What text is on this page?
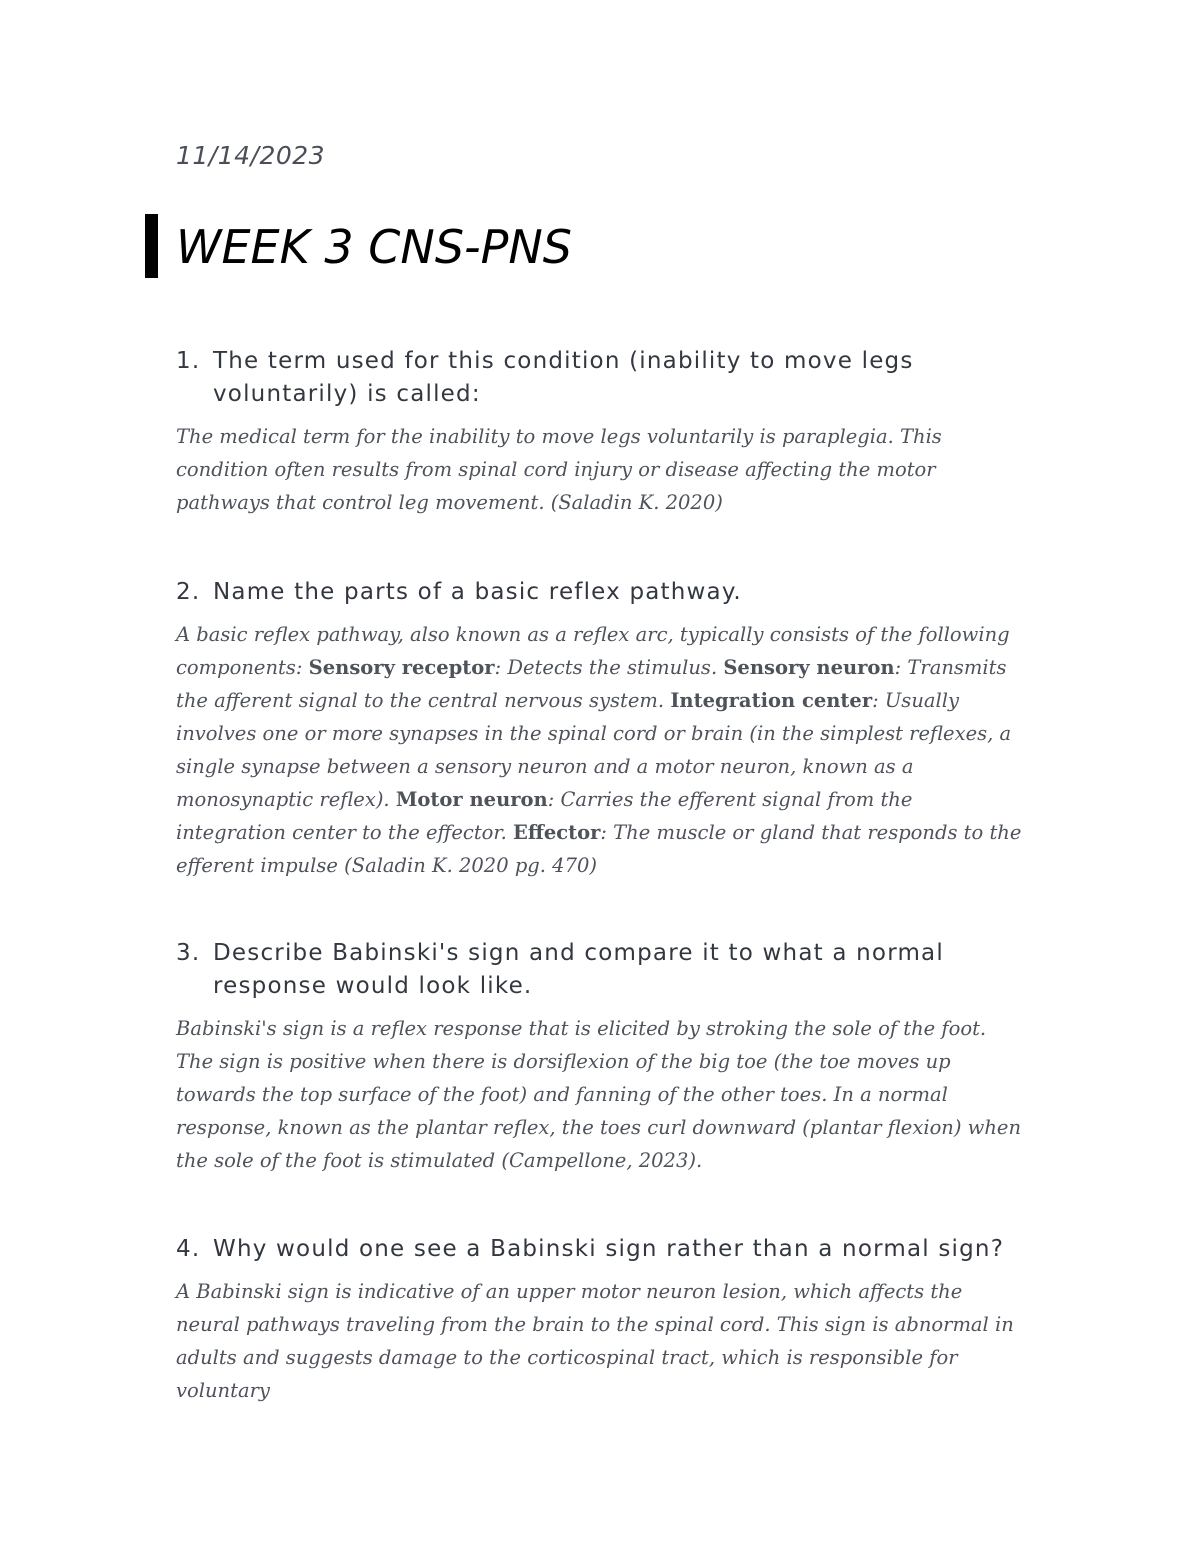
11/14/2023
WEEK 3 CNS-PNS
1. The term used for this condition (inability to move legs voluntarily) is called:
The medical term for the inability to move legs voluntarily is paraplegia. This condition often results from spinal cord injury or disease affecting the motor pathways that control leg movement. (Saladin K. 2020)
2. Name the parts of a basic reflex pathway.
A basic reflex pathway, also known as a reflex arc, typically consists of the following components: Sensory receptor: Detects the stimulus. Sensory neuron: Transmits the afferent signal to the central nervous system. Integration center: Usually involves one or more synapses in the spinal cord or brain (in the simplest reflexes, a single synapse between a sensory neuron and a motor neuron, known as a monosynaptic reflex). Motor neuron: Carries the efferent signal from the integration center to the effector. Effector: The muscle or gland that responds to the efferent impulse (Saladin K. 2020 pg. 470)
3. Describe Babinski's sign and compare it to what a normal response would look like.
Babinski's sign is a reflex response that is elicited by stroking the sole of the foot. The sign is positive when there is dorsiflexion of the big toe (the toe moves up towards the top surface of the foot) and fanning of the other toes. In a normal response, known as the plantar reflex, the toes curl downward (plantar flexion) when the sole of the foot is stimulated (Campellone, 2023).
4. Why would one see a Babinski sign rather than a normal sign?
A Babinski sign is indicative of an upper motor neuron lesion, which affects the neural pathways traveling from the brain to the spinal cord. This sign is abnormal in adults and suggests damage to the corticospinal tract, which is responsible for voluntary
